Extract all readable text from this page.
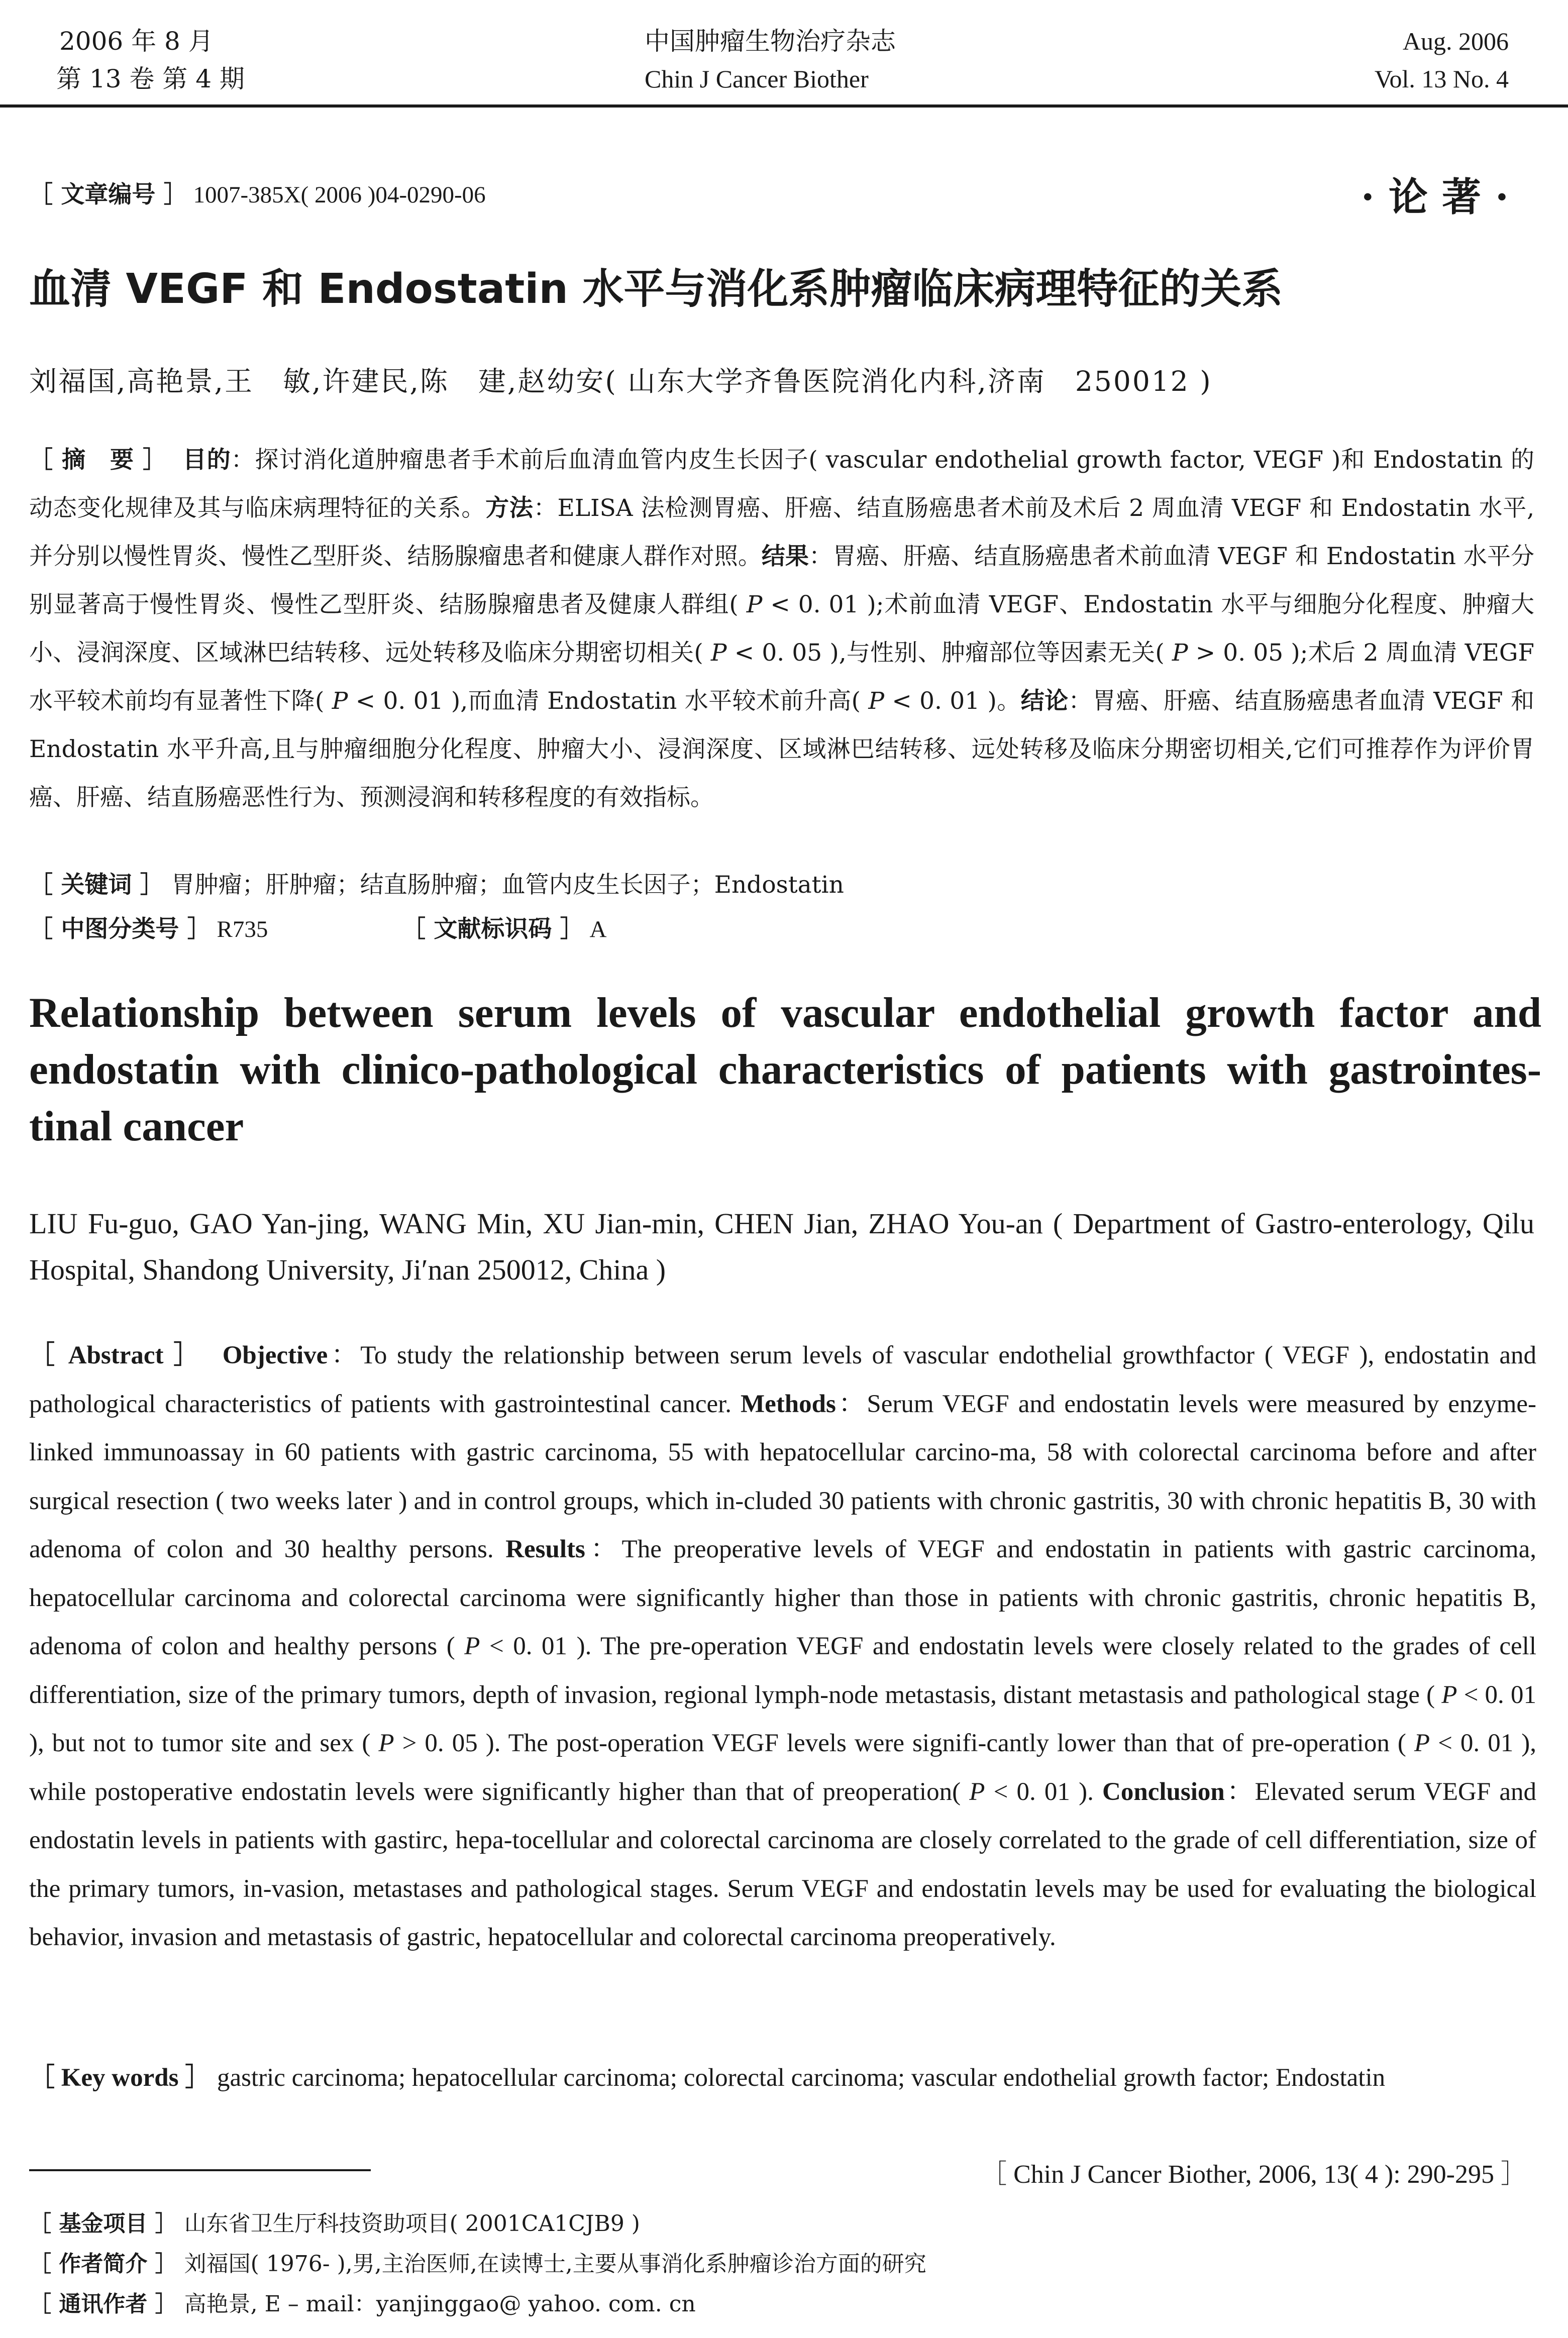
2006 年 8 月
第 13 卷 第 4 期
中国肿瘤生物治疗杂志
Chin J Cancer Biother
Aug. 2006
Vol. 13 No. 4
［ 文章编号 ］ 1007-385X( 2006 )04-0290-06	·论著·
血清 VEGF 和 Endostatin 水平与消化系肿瘤临床病理特征的关系
刘福国,高艳景,王　敏,许建民,陈　建,赵幼安( 山东大学齐鲁医院消化内科,济南　250012 )
［ 摘　要 ］ 目的：探讨消化道肿瘤患者手术前后血清血管内皮生长因子( vascular endothelial growth factor, VEGF )和 Endostatin 的动态变化规律及其与临床病理特征的关系。方法：ELISA 法检测胃癌、肝癌、结直肠癌患者术前及术后 2 周血清 VEGF 和 Endostatin 水平,并分别以慢性胃炎、慢性乙型肝炎、结肠腺瘤患者和健康人群作对照。结果：胃癌、肝癌、结直肠癌患者术前血清 VEGF 和 Endostatin 水平分别显著高于慢性胃炎、慢性乙型肝炎、结肠腺瘤患者及健康人群组( P < 0. 01 );术前血清 VEGF、Endostatin 水平与细胞分化程度、肿瘤大小、浸润深度、区域淋巴结转移、远处转移及临床分期密切相关( P < 0. 05 ),与性别、肿瘤部位等因素无关( P > 0. 05 );术后 2 周血清 VEGF 水平较术前均有显著性下降( P < 0. 01 ),而血清 Endostatin 水平较术前升高( P < 0. 01 )。结论：胃癌、肝癌、结直肠癌患者血清 VEGF 和 Endostatin 水平升高,且与肿瘤细胞分化程度、肿瘤大小、浸润深度、区域淋巴结转移、远处转移及临床分期密切相关,它们可推荐作为评价胃癌、肝癌、结直肠癌恶性行为、预测浸润和转移程度的有效指标。
［ 关键词 ］ 胃肿瘤；肝肿瘤；结直肠肿瘤；血管内皮生长因子；Endostatin
［ 中图分类号 ］ R735	［ 文献标识码 ］ A
Relationship between serum levels of vascular endothelial growth factor and endostatin with clinico-pathological characteristics of patients with gastrointes-tinal cancer
LIU Fu-guo, GAO Yan-jing, WANG Min, XU Jian-min, CHEN Jian, ZHAO You-an ( Department of Gastro-enterology, Qilu Hospital, Shandong University, Ji′nan 250012, China )
［ Abstract ］ Objective：To study the relationship between serum levels of vascular endothelial growthfactor ( VEGF ), endostatin and pathological characteristics of patients with gastrointestinal cancer. Methods：Serum VEGF and endostatin levels were measured by enzyme-linked immunoassay in 60 patients with gastric carcinoma, 55 with hepatocellular carcino-ma, 58 with colorectal carcinoma before and after surgical resection ( two weeks later ) and in control groups, which in-cluded 30 patients with chronic gastritis, 30 with chronic hepatitis B, 30 with adenoma of colon and 30 healthy persons. Results：The preoperative levels of VEGF and endostatin in patients with gastric carcinoma, hepatocellular carcinoma and colorectal carcinoma were significantly higher than those in patients with chronic gastritis, chronic hepatitis B, adenoma of colon and healthy persons ( P < 0. 01 ). The pre-operation VEGF and endostatin levels were closely related to the grades of cell differentiation, size of the primary tumors, depth of invasion, regional lymph-node metastasis, distant metastasis and pathological stage ( P < 0. 01 ), but not to tumor site and sex ( P > 0. 05 ). The post-operation VEGF levels were signifi-cantly lower than that of pre-operation ( P < 0. 01 ), while postoperative endostatin levels were significantly higher than that of preoperation( P < 0. 01 ). Conclusion：Elevated serum VEGF and endostatin levels in patients with gastirc, hepa-tocellular and colorectal carcinoma are closely correlated to the grade of cell differentiation, size of the primary tumors, in-vasion, metastases and pathological stages. Serum VEGF and endostatin levels may be used for evaluating the biological behavior, invasion and metastasis of gastric, hepatocellular and colorectal carcinoma preoperatively.
［ Key words ］ gastric carcinoma; hepatocellular carcinoma; colorectal carcinoma; vascular endothelial growth factor; Endostatin
［ Chin J Cancer Biother, 2006, 13( 4 ): 290-295 ］
［ 基金项目 ］ 山东省卫生厅科技资助项目( 2001CA1CJB9 )
［ 作者简介 ］ 刘福国( 1976- ),男,主治医师,在读博士,主要从事消化系肿瘤诊治方面的研究
［ 通讯作者 ］ 高艳景, E – mail：yanjinggao@ yahoo. com. cn
